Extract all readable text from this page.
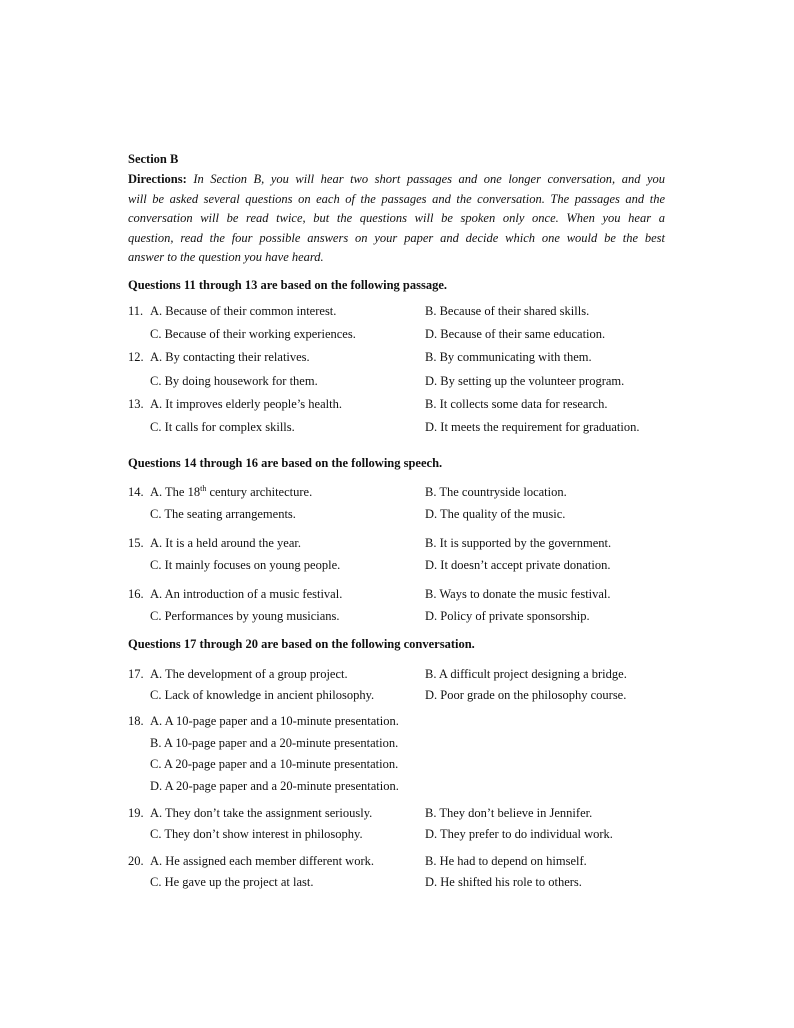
Section B
Directions: In Section B, you will hear two short passages and one longer conversation, and you
will be asked several questions on each of the passages and the conversation. The passages and the
conversation will be read twice, but the questions will be spoken only once. When you hear a
question, read the four possible answers on your paper and decide which one would be the best
answer to the question you have heard.
Questions 11 through 13 are based on the following passage.
11. A. Because of their common interest.	B. Because of their shared skills.
C. Because of their working experiences.	D. Because of their same education.
12. A. By contacting their relatives.	B. By communicating with them.
C. By doing housework for them.	D. By setting up the volunteer program.
13. A. It improves elderly people’s health.	B. It collects some data for research.
C. It calls for complex skills.	D. It meets the requirement for graduation.
Questions 14 through 16 are based on the following speech.
14. A. The 18th century architecture.	B. The countryside location.
C. The seating arrangements.	D. The quality of the music.
15. A. It is a held around the year.	B. It is supported by the government.
C. It mainly focuses on young people.	D. It doesn’t accept private donation.
16. A. An introduction of a music festival.	B. Ways to donate the music festival.
C. Performances by young musicians.	D. Policy of private sponsorship.
Questions 17 through 20 are based on the following conversation.
17. A. The development of a group project.	B. A difficult project designing a bridge.
C. Lack of knowledge in ancient philosophy.	D. Poor grade on the philosophy course.
18. A. A 10-page paper and a 10-minute presentation.
B. A 10-page paper and a 20-minute presentation.
C. A 20-page paper and a 10-minute presentation.
D. A 20-page paper and a 20-minute presentation.
19. A. They don’t take the assignment seriously.	B. They don’t believe in Jennifer.
C. They don’t show interest in philosophy.	D. They prefer to do individual work.
20. A. He assigned each member different work.	B. He had to depend on himself.
C. He gave up the project at last.	D. He shifted his role to others.
